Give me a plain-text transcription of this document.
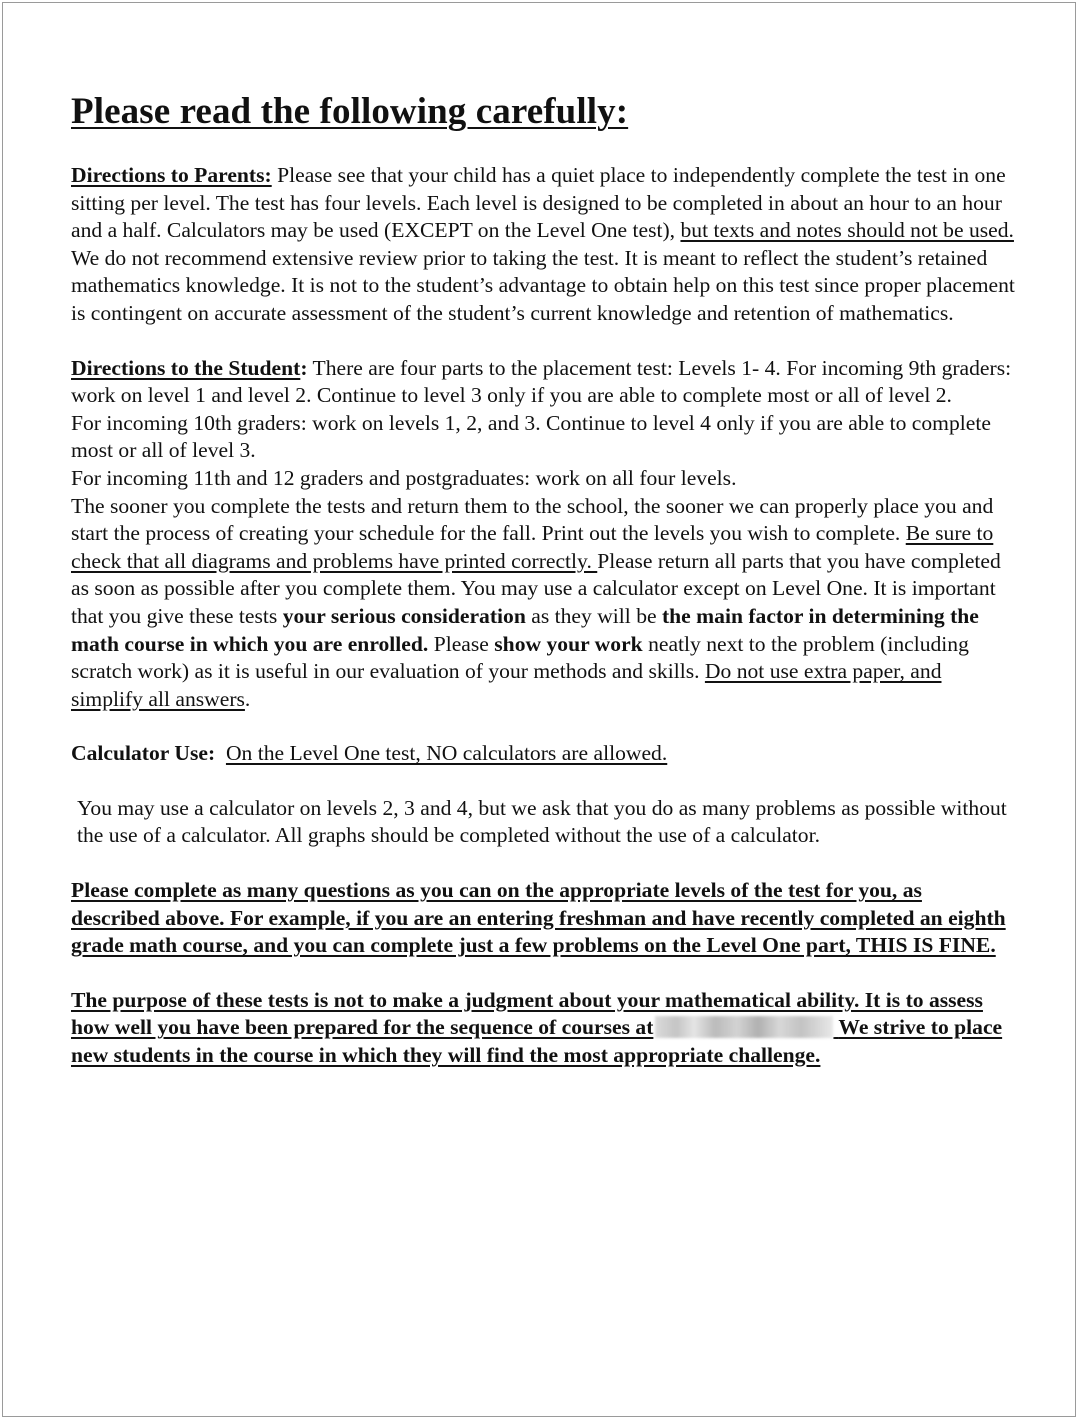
Please read the following carefully:

Directions to Parents: Please see that your child has a quiet place to independently complete the test in one sitting per level. The test has four levels. Each level is designed to be completed in about an hour to an hour and a half. Calculators may be used (EXCEPT on the Level One test), but texts and notes should not be used. We do not recommend extensive review prior to taking the test. It is meant to reflect the student’s retained mathematics knowledge. It is not to the student’s advantage to obtain help on this test since proper placement is contingent on accurate assessment of the student’s current knowledge and retention of mathematics.

Directions to the Student: There are four parts to the placement test: Levels 1- 4. For incoming 9th graders: work on level 1 and level 2. Continue to level 3 only if you are able to complete most or all of level 2.

For incoming 10th graders: work on levels 1, 2, and 3. Continue to level 4 only if you are able to complete most or all of level 3.

For incoming 11th and 12 graders and postgraduates: work on all four levels.

The sooner you complete the tests and return them to the school, the sooner we can properly place you and start the process of creating your schedule for the fall. Print out the levels you wish to complete. Be sure to check that all diagrams and problems have printed correctly. Please return all parts that you have completed as soon as possible after you complete them. You may use a calculator except on Level One. It is important that you give these tests your serious consideration as they will be the main factor in determining the math course in which you are enrolled. Please show your work neatly next to the problem (including scratch work) as it is useful in our evaluation of your methods and skills. Do not use extra paper, and simplify all answers.

Calculator Use: On the Level One test, NO calculators are allowed.

You may use a calculator on levels 2, 3 and 4, but we ask that you do as many problems as possible without the use of a calculator. All graphs should be completed without the use of a calculator.

Please complete as many questions as you can on the appropriate levels of the test for you, as described above. For example, if you are an entering freshman and have recently completed an eighth grade math course, and you can complete just a few problems on the Level One part, THIS IS FINE.

The purpose of these tests is not to make a judgment about your mathematical ability. It is to assess how well you have been prepared for the sequence of courses at	We strive to place new students in the course in which they will find the most appropriate challenge.
